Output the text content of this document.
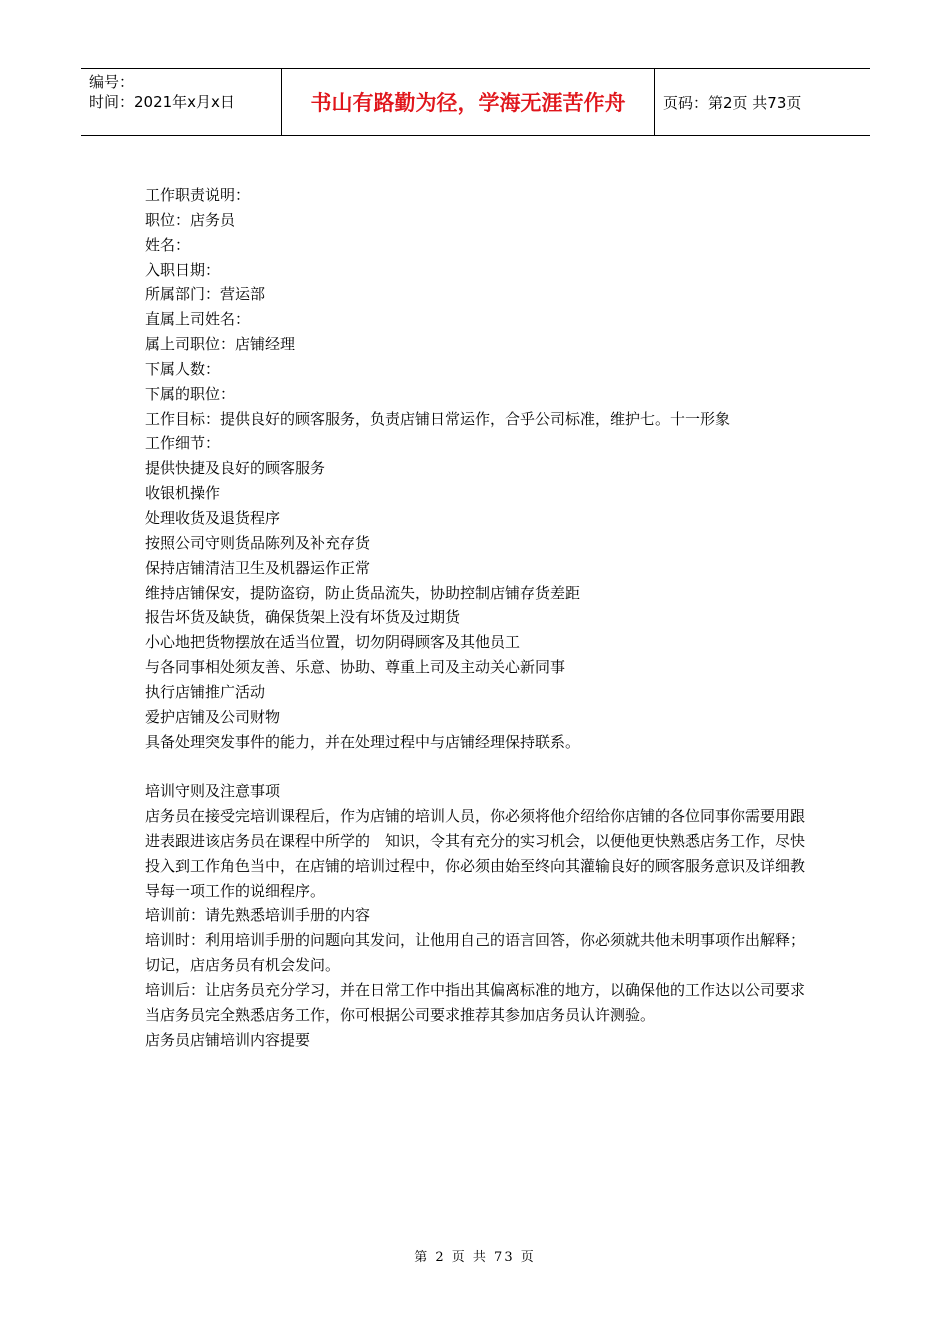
编号：
时间：2021年x月x日	书山有路勤为径，学海无涯苦作舟	页码：第2页 共73页

工作职责说明：

职位：店务员

姓名：

入职日期：

所属部门：营运部

直属上司姓名：

属上司职位：店铺经理

下属人数：

下属的职位：

工作目标：提供良好的顾客服务，负责店铺日常运作，合乎公司标准，维护七。十一形象

工作细节：

提供快捷及良好的顾客服务

收银机操作

处理收货及退货程序

按照公司守则货品陈列及补充存货

保持店铺清洁卫生及机器运作正常

维持店铺保安，提防盗窃，防止货品流失，协助控制店铺存货差距

报告坏货及缺货，确保货架上没有坏货及过期货

小心地把货物摆放在适当位置，切勿阴碍顾客及其他员工

与各同事相处须友善、乐意、协助、尊重上司及主动关心新同事

执行店铺推广活动

爱护店铺及公司财物

具备处理突发事件的能力，并在处理过程中与店铺经理保持联系。

培训守则及注意事项

店务员在接受完培训课程后，作为店铺的培训人员，你必须将他介绍给你店铺的各位同事你需要用跟进表跟进该店务员在课程中所学的　知识，令其有充分的实习机会，以便他更快熟悉店务工作，尽快投入到工作角色当中，在店铺的培训过程中，你必须由始至终向其灌输良好的顾客服务意识及详细教导每一项工作的说细程序。

培训前：请先熟悉培训手册的内容

培训时：利用培训手册的问题向其发问，让他用自己的语言回答，你必须就共他未明事项作出解释；切记，店店务员有机会发问。

培训后：让店务员充分学习，并在日常工作中指出其偏离标准的地方，以确保他的工作达以公司要求

当店务员完全熟悉店务工作，你可根据公司要求推荐其参加店务员认许测验。

店务员店铺培训内容提要

第 2 页 共 73 页
